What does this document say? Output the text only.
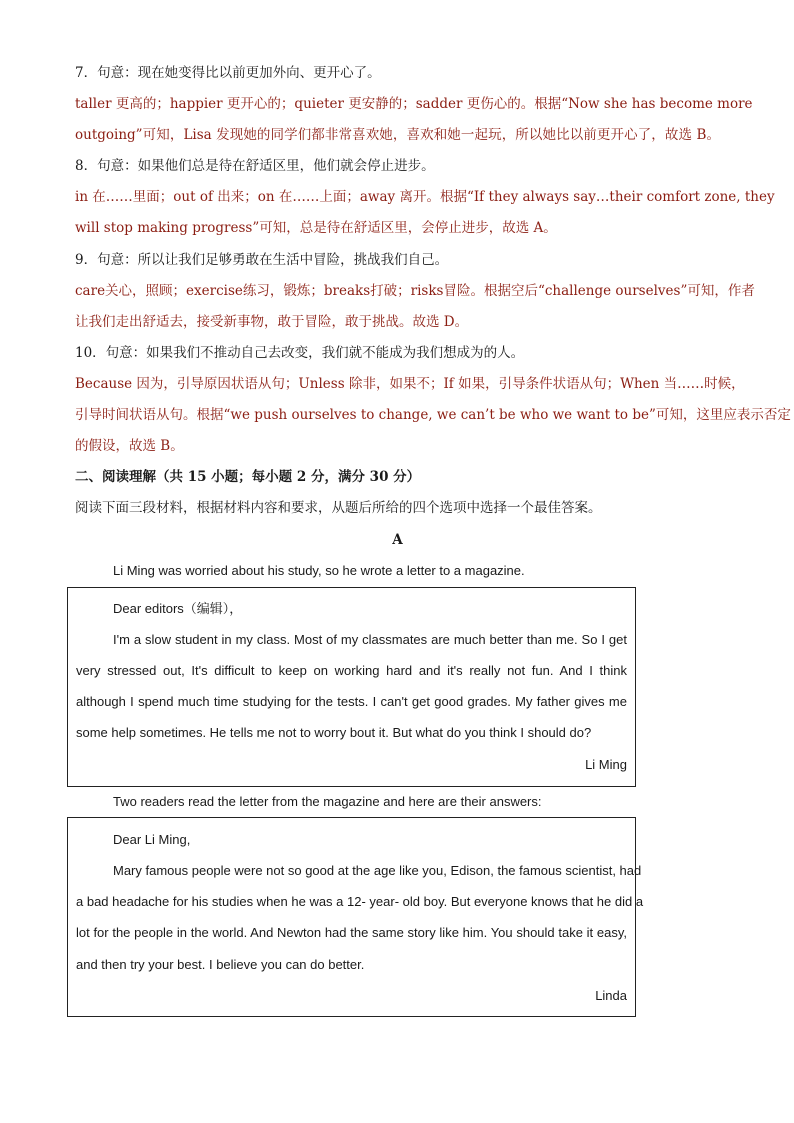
7．句意：现在她变得比以前更加外向、更开心了。
taller 更高的；happier 更开心的；quieter 更安静的；sadder 更伤心的。根据“Now she has become more
outgoing”可知，Lisa 发现她的同学们都非常喜欢她，喜欢和她一起玩，所以她比以前更开心了，故选 B。
8．句意：如果他们总是待在舒适区里，他们就会停止进步。
in 在……里面；out of 出来；on 在……上面；away 离开。根据“If they always say…their comfort zone, they
will stop making progress”可知，总是待在舒适区里，会停止进步，故选 A。
9．句意：所以让我们足够勇敢在生活中冒险，挑战我们自己。
care关心，照顾；exercise练习，锻炼；breaks打破；risks冒险。根据空后“challenge ourselves”可知，作者
让我们走出舒适去，接受新事物，敢于冒险，敢于挑战。故选 D。
10．句意：如果我们不推动自己去改变，我们就不能成为我们想成为的人。
Because 因为，引导原因状语从句；Unless 除非，如果不；If 如果，引导条件状语从句；When 当……时候，
引导时间状语从句。根据“we push ourselves to change, we can’t be who we want to be”可知，这里应表示否定
的假设，故选 B。
二、阅读理解（共 15 小题；每小题 2 分，满分 30 分）
阅读下面三段材料，根据材料内容和要求，从题后所给的四个选项中选择一个最佳答案。
A
Li Ming was worried about his study, so he wrote a letter to a magazine.
Dear editors（编辑），
I'm a slow student in my class. Most of my classmates are much better than me. So I get
very stressed out, It's difficult to keep on working hard and it's really not fun. And I think
although I spend much time studying for the tests. I can't get good grades. My father gives me
some help sometimes. He tells me not to worry bout it. But what do you think I should do?
Li Ming
Two readers read the letter from the magazine and here are their answers:
Dear Li Ming,
Mary famous people were not so good at the age like you, Edison, the famous scientist, had
a bad headache for his studies when he was a 12- year- old boy. But everyone knows that he did a
lot for the people in the world. And Newton had the same story like him. You should take it easy,
and then try your best. I believe you can do better.
Linda
